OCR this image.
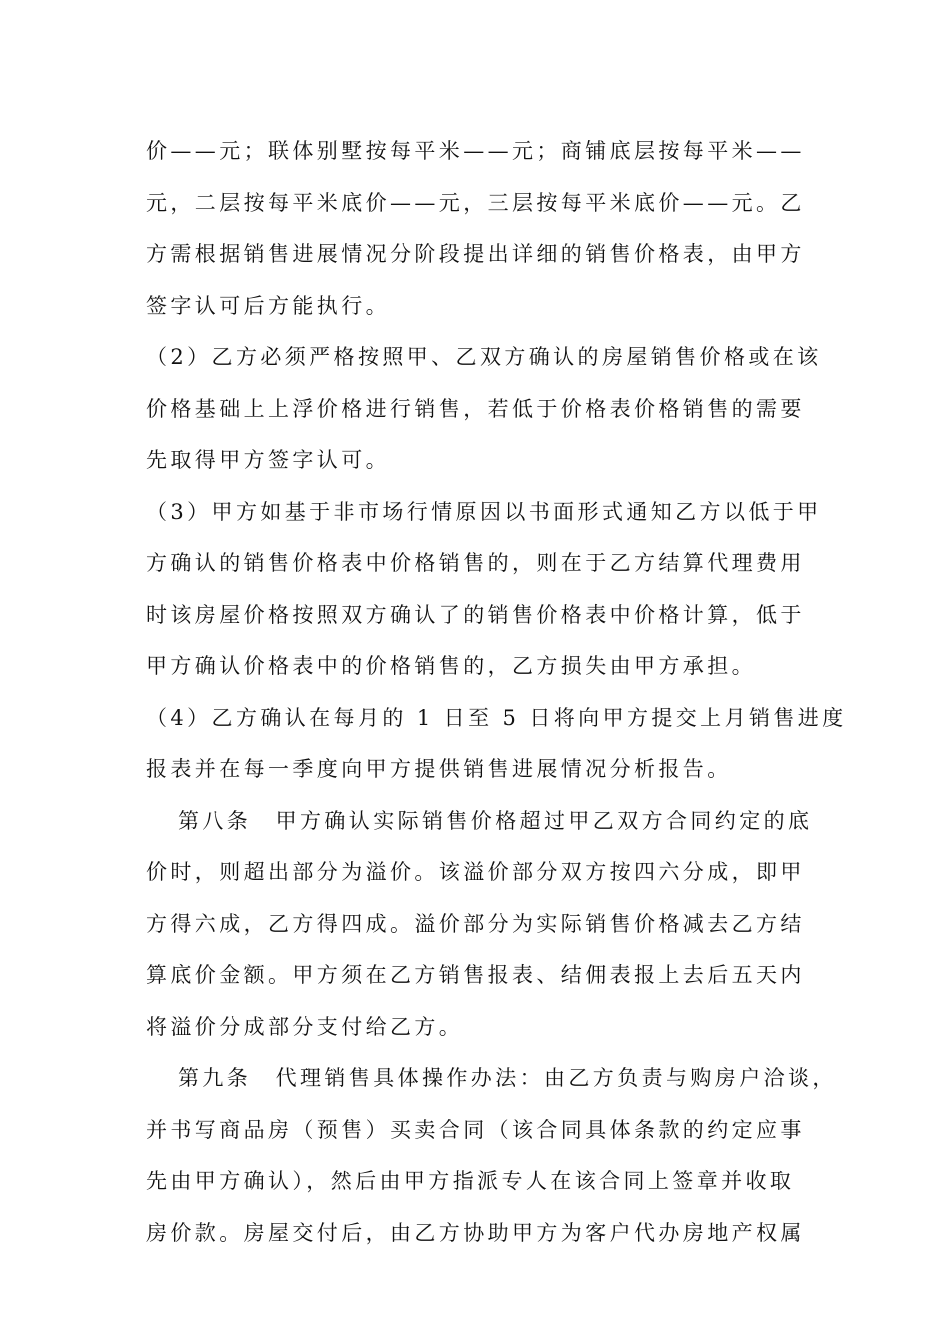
价——元；联体别墅按每平米——元；商铺底层按每平米——
元，二层按每平米底价——元，三层按每平米底价——元。乙
方需根据销售进展情况分阶段提出详细的销售价格表，由甲方
签字认可后方能执行。
（2）乙方必须严格按照甲、乙双方确认的房屋销售价格或在该
价格基础上上浮价格进行销售，若低于价格表价格销售的需要
先取得甲方签字认可。
（3）甲方如基于非市场行情原因以书面形式通知乙方以低于甲
方确认的销售价格表中价格销售的，则在于乙方结算代理费用
时该房屋价格按照双方确认了的销售价格表中价格计算，低于
甲方确认价格表中的价格销售的，乙方损失由甲方承担。
（4）乙方确认在每月的 1 日至 5 日将向甲方提交上月销售进度
报表并在每一季度向甲方提供销售进展情况分析报告。
第八条　甲方确认实际销售价格超过甲乙双方合同约定的底
价时，则超出部分为溢价。该溢价部分双方按四六分成，即甲
方得六成，乙方得四成。溢价部分为实际销售价格减去乙方结
算底价金额。甲方须在乙方销售报表、结佣表报上去后五天内
将溢价分成部分支付给乙方。
第九条　代理销售具体操作办法：由乙方负责与购房户洽谈，
并书写商品房（预售）买卖合同（该合同具体条款的约定应事
先由甲方确认），然后由甲方指派专人在该合同上签章并收取
房价款。房屋交付后，由乙方协助甲方为客户代办房地产权属
